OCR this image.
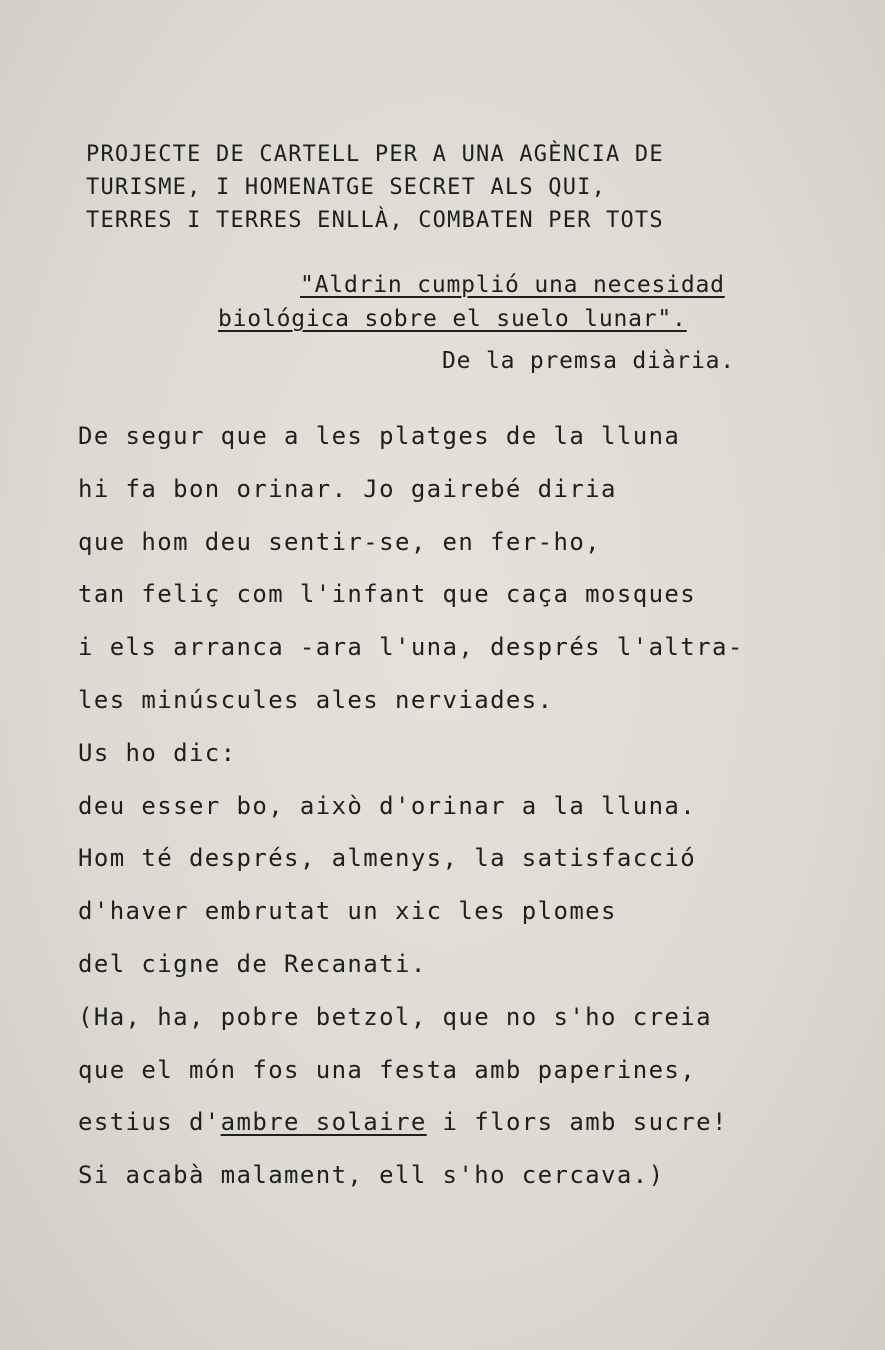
PROJECTE DE CARTELL PER A UNA AGÈNCIA DE
TURISME, I HOMENATGE SECRET ALS QUI,
TERRES I TERRES ENLLÀ, COMBATEN PER TOTS
"Aldrin cumplió una necesidad
biológica sobre el suelo lunar".
De la premsa diària.
De segur que a les platges de la lluna
hi fa bon orinar. Jo gairebé diria
que hom deu sentir-se, en fer-ho,
tan feliç com l'infant que caça mosques
i els arranca -ara l'una, després l'altra-
les minúscules ales nerviades.
Us ho dic:
deu esser bo, això d'orinar a la lluna.
Hom té després, almenys, la satisfacció
d'haver embrutat un xic les plomes
del cigne de Recanati.
(Ha, ha, pobre betzol, que no s'ho creia
que el món fos una festa amb paperines,
estius d'ambre solaire i flors amb sucre!
Si acabà malament, ell s'ho cercava.)
